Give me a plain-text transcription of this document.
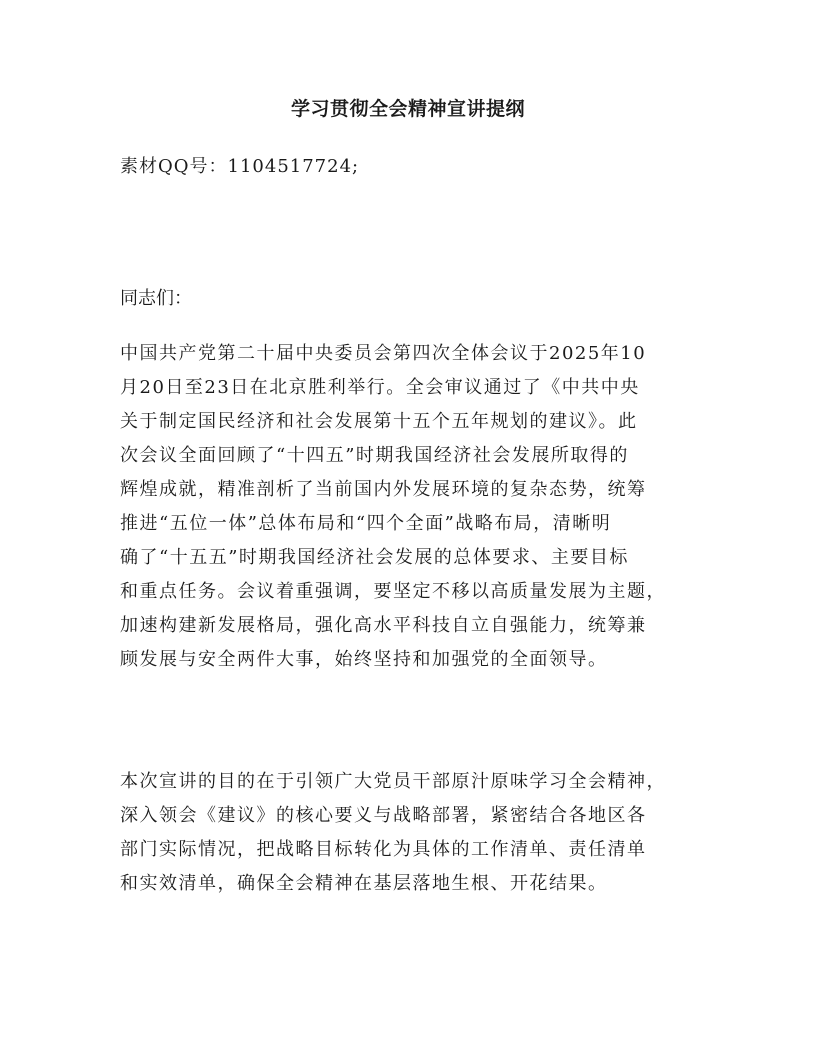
学习贯彻全会精神宣讲提纲
素材QQ号：1104517724;
同志们：
中国共产党第二十届中央委员会第四次全体会议于2025年10
月20日至23日在北京胜利举行。全会审议通过了《中共中央
关于制定国民经济和社会发展第十五个五年规划的建议》。此
次会议全面回顾了“十四五”时期我国经济社会发展所取得的
辉煌成就，精准剖析了当前国内外发展环境的复杂态势，统筹
推进“五位一体”总体布局和“四个全面”战略布局，清晰明
确了“十五五”时期我国经济社会发展的总体要求、主要目标
和重点任务。会议着重强调，要坚定不移以高质量发展为主题，
加速构建新发展格局，强化高水平科技自立自强能力，统筹兼
顾发展与安全两件大事，始终坚持和加强党的全面领导。
本次宣讲的目的在于引领广大党员干部原汁原味学习全会精神，
深入领会《建议》的核心要义与战略部署，紧密结合各地区各
部门实际情况，把战略目标转化为具体的工作清单、责任清单
和实效清单，确保全会精神在基层落地生根、开花结果。
